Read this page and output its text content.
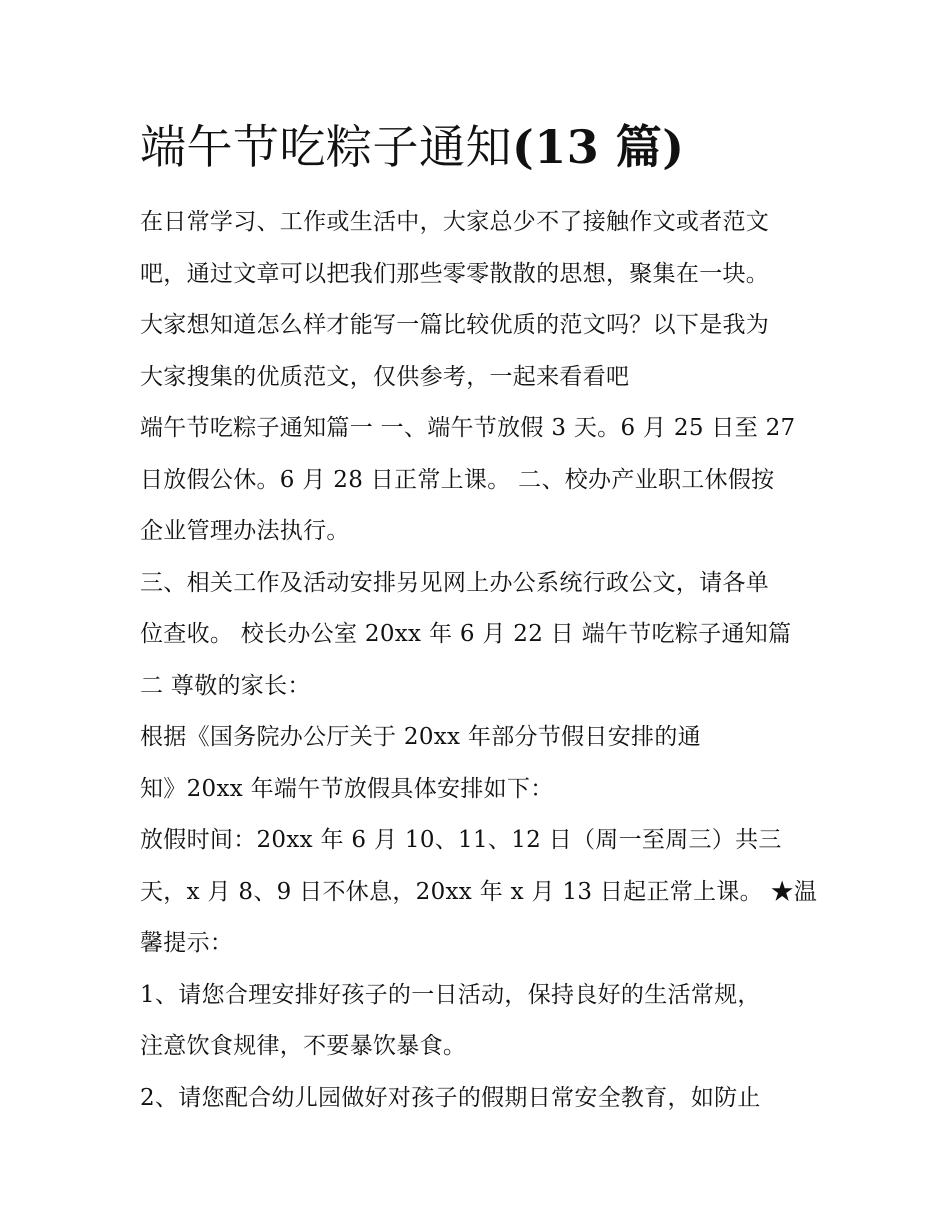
端午节吃粽子通知(13 篇)
在日常学习、工作或生活中，大家总少不了接触作文或者范文
吧，通过文章可以把我们那些零零散散的思想，聚集在一块。
大家想知道怎么样才能写一篇比较优质的范文吗？以下是我为
大家搜集的优质范文，仅供参考，一起来看看吧
端午节吃粽子通知篇一 一、端午节放假 3 天。6 月 25 日至 27
日放假公休。6 月 28 日正常上课。 二、校办产业职工休假按
企业管理办法执行。
三、相关工作及活动安排另见网上办公系统行政公文，请各单
位查收。 校长办公室 20xx 年 6 月 22 日 端午节吃粽子通知篇
二 尊敬的家长：
根据《国务院办公厅关于 20xx 年部分节假日安排的通
知》20xx 年端午节放假具体安排如下：
放假时间：20xx 年 6 月 10、11、12 日（周一至周三）共三
天，x 月 8、9 日不休息，20xx 年 x 月 13 日起正常上课。 ★温
馨提示：
1、请您合理安排好孩子的一日活动，保持良好的生活常规，
注意饮食规律，不要暴饮暴食。
2、请您配合幼儿园做好对孩子的假期日常安全教育，如防止
